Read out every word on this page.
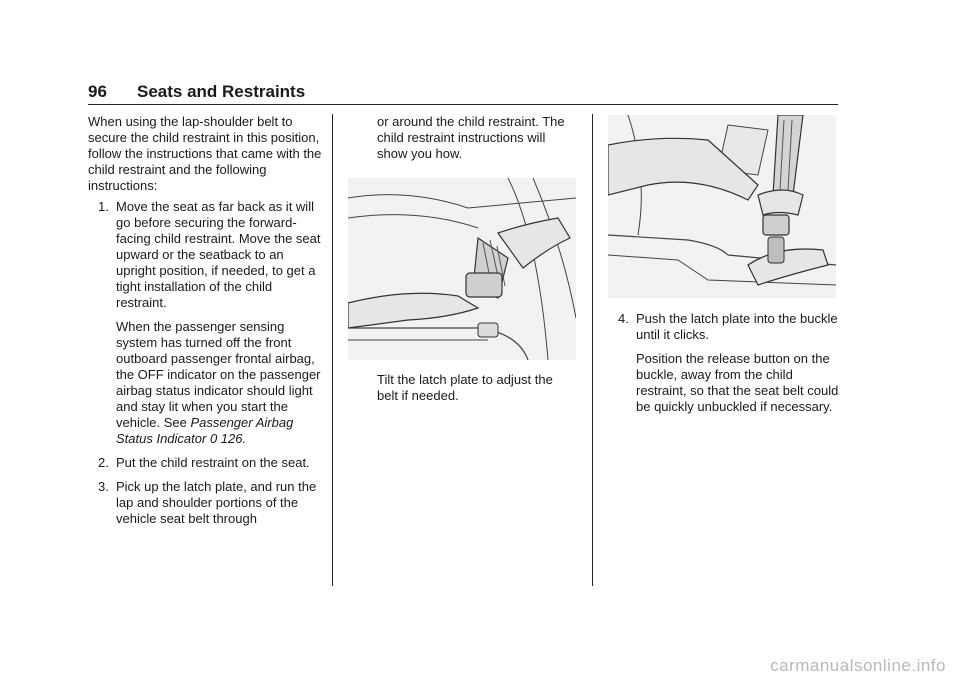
96 Seats and Restraints

When using the lap-shoulder belt to secure the child restraint in this position, follow the instructions that came with the child restraint and the following instructions:

1. Move the seat as far back as it will go before securing the forward-facing child restraint. Move the seat upward or the seatback to an upright position, if needed, to get a tight installation of the child restraint.

When the passenger sensing system has turned off the front outboard passenger frontal airbag, the OFF indicator on the passenger airbag status indicator should light and stay lit when you start the vehicle. See Passenger Airbag Status Indicator 0 126.

2. Put the child restraint on the seat.

3. Pick up the latch plate, and run the lap and shoulder portions of the vehicle seat belt through

or around the child restraint. The child restraint instructions will show you how.

Tilt the latch plate to adjust the belt if needed.

4. Push the latch plate into the buckle until it clicks.

Position the release button on the buckle, away from the child restraint, so that the seat belt could be quickly unbuckled if necessary.

carmanualsonline.info
